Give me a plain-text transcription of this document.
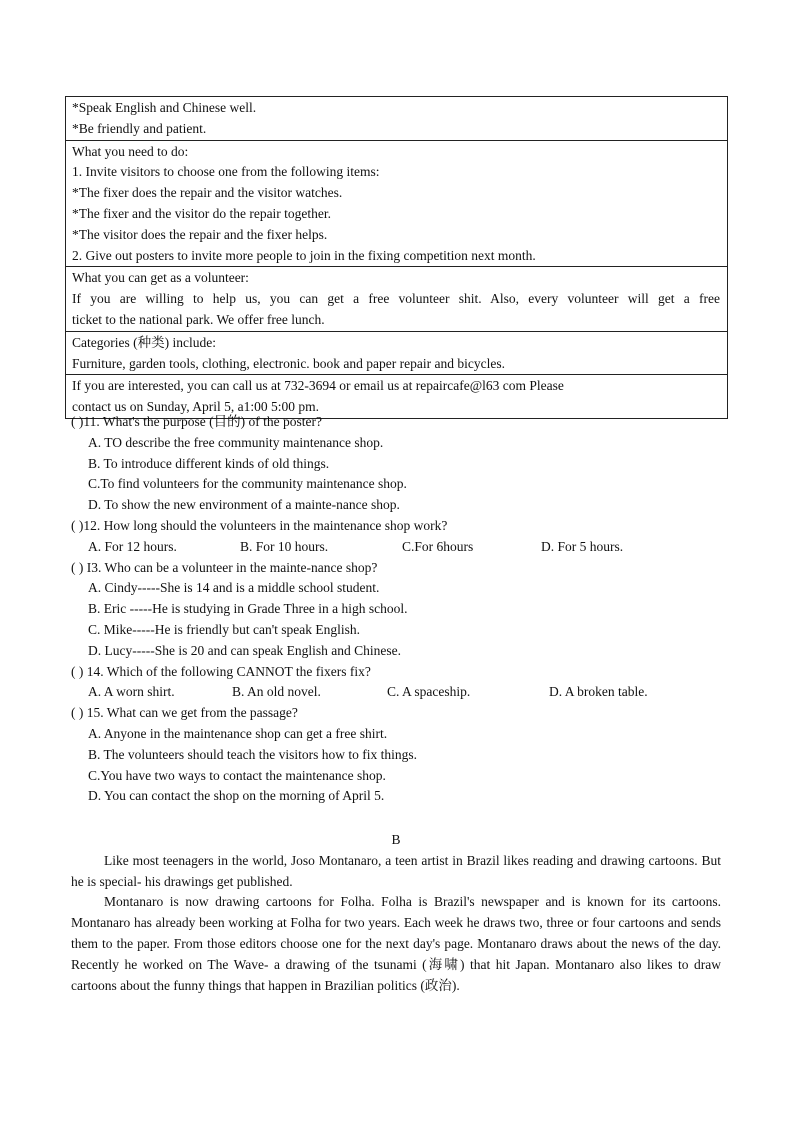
*Speak English and Chinese well.
*Be friendly and patient.
What you need to do:
1. Invite visitors to choose one from the following items:
*The fixer does the repair and the visitor watches.
*The fixer and the visitor do the repair together.
*The visitor does the repair and the fixer helps.
2. Give out posters to invite more people to join in the fixing competition next month.
What you can get as a volunteer:
If you are willing to help us, you can get a free volunteer shit. Also, every volunteer will get a free
ticket to the national park. We offer free lunch.
Categories (种类) include:
Furniture, garden tools, clothing, electronic. book and paper repair and bicycles.
If you are interested, you can call us at 732-3694 or email us at repaircafe@l63 com Please
contact us on Sunday, April 5, a1:00 5:00 pm.
( )11. What's the purpose (目的) of the poster?
A. TO describe the free community maintenance shop.
B. To introduce different kinds of old things.
C.To find volunteers for the community maintenance shop.
D. To show the new environment of a mainte-nance shop.
( )12. How long should the volunteers in the maintenance shop work?
A. For 12 hours.	B. For 10 hours.	C.For 6hours	D. For 5 hours.
( ) I3. Who can be a volunteer in the mainte-nance shop?
A. Cindy-----She is 14 and is a middle school student.
B. Eric -----He is studying in Grade Three in a high school.
C. Mike-----He is friendly but can't speak English.
D. Lucy-----She is 20 and can speak English and Chinese.
( ) 14. Which of the following CANNOT the fixers fix?
A. A worn shirt.	B. An old novel.	C. A spaceship.	D. A broken table.
( ) 15. What can we get from the passage?
A. Anyone in the maintenance shop can get a free shirt.
B. The volunteers should teach the visitors how to fix things.
C.You have two ways to contact the maintenance shop.
D. You can contact the shop on the morning of April 5.
B

Like most teenagers in the world, Joso Montanaro, a teen artist in Brazil likes reading and drawing cartoons. But he is special- his drawings get published.

Montanaro is now drawing cartoons for Folha. Folha is Brazil's newspaper and is known for its cartoons. Montanaro has already been working at Folha for two years. Each week he draws two, three or four cartoons and sends them to the paper. From those editors choose one for the next day's page. Montanaro draws about the news of the day. Recently he worked on The Wave- a drawing of the tsunami (海啸) that hit Japan. Montanaro also likes to draw cartoons about the funny things that happen in Brazilian politics (政治).
